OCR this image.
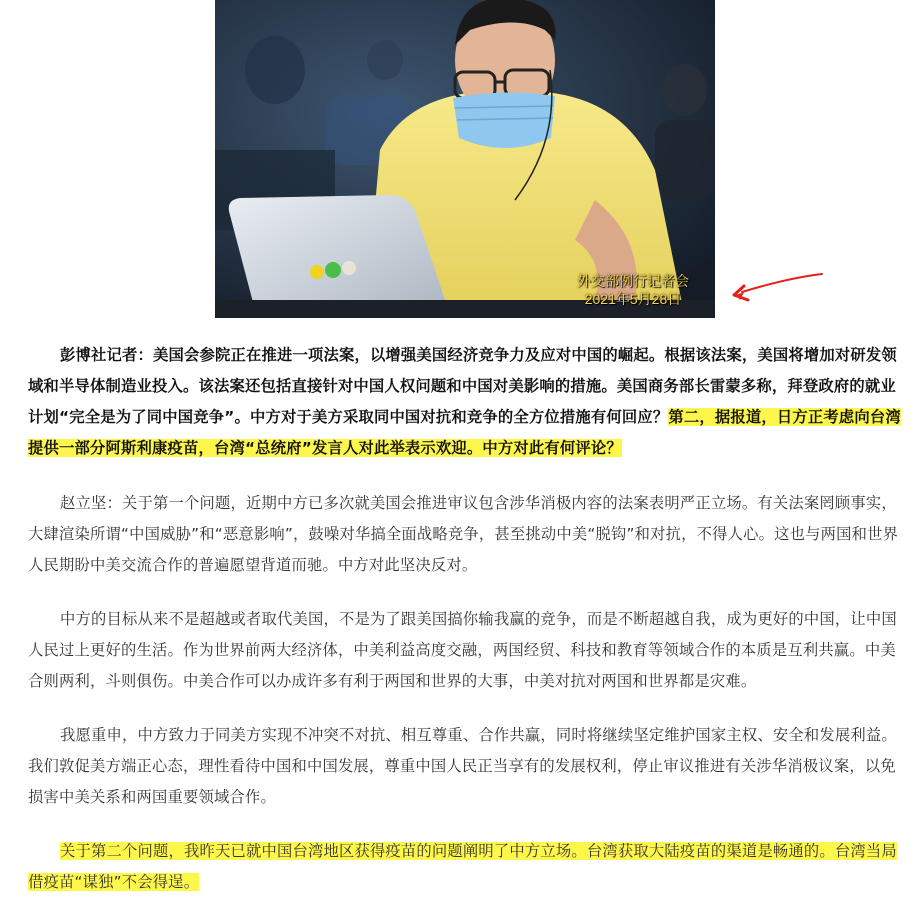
外交部例行记者会
2021年5月28日

彭博社记者：美国会参院正在推进一项法案，以增强美国经济竞争力及应对中国的崛起。根据该法案，美国将增加对研发领域和半导体制造业投入。该法案还包括直接针对中国人权问题和中国对美影响的措施。美国商务部长雷蒙多称，拜登政府的就业计划“完全是为了同中国竞争”。中方对于美方采取同中国对抗和竞争的全方位措施有何回应？第二，据报道，日方正考虑向台湾提供一部分阿斯利康疫苗，台湾“总统府”发言人对此举表示欢迎。中方对此有何评论？

赵立坚：关于第一个问题，近期中方已多次就美国会推进审议包含涉华消极内容的法案表明严正立场。有关法案罔顾事实，大肆渲染所谓“中国威胁”和“恶意影响”，鼓噪对华搞全面战略竞争，甚至挑动中美“脱钩”和对抗，不得人心。这也与两国和世界人民期盼中美交流合作的普遍愿望背道而驰。中方对此坚决反对。

中方的目标从来不是超越或者取代美国，不是为了跟美国搞你输我赢的竞争，而是不断超越自我，成为更好的中国，让中国人民过上更好的生活。作为世界前两大经济体，中美利益高度交融，两国经贸、科技和教育等领域合作的本质是互利共赢。中美合则两利，斗则俱伤。中美合作可以办成许多有利于两国和世界的大事，中美对抗对两国和世界都是灾难。

我愿重申，中方致力于同美方实现不冲突不对抗、相互尊重、合作共赢，同时将继续坚定维护国家主权、安全和发展利益。我们敦促美方端正心态，理性看待中国和中国发展，尊重中国人民正当享有的发展权利，停止审议推进有关涉华消极议案，以免损害中美关系和两国重要领域合作。

关于第二个问题，我昨天已就中国台湾地区获得疫苗的问题阐明了中方立场。台湾获取大陆疫苗的渠道是畅通的。台湾当局借疫苗“谋独”不会得逞。
